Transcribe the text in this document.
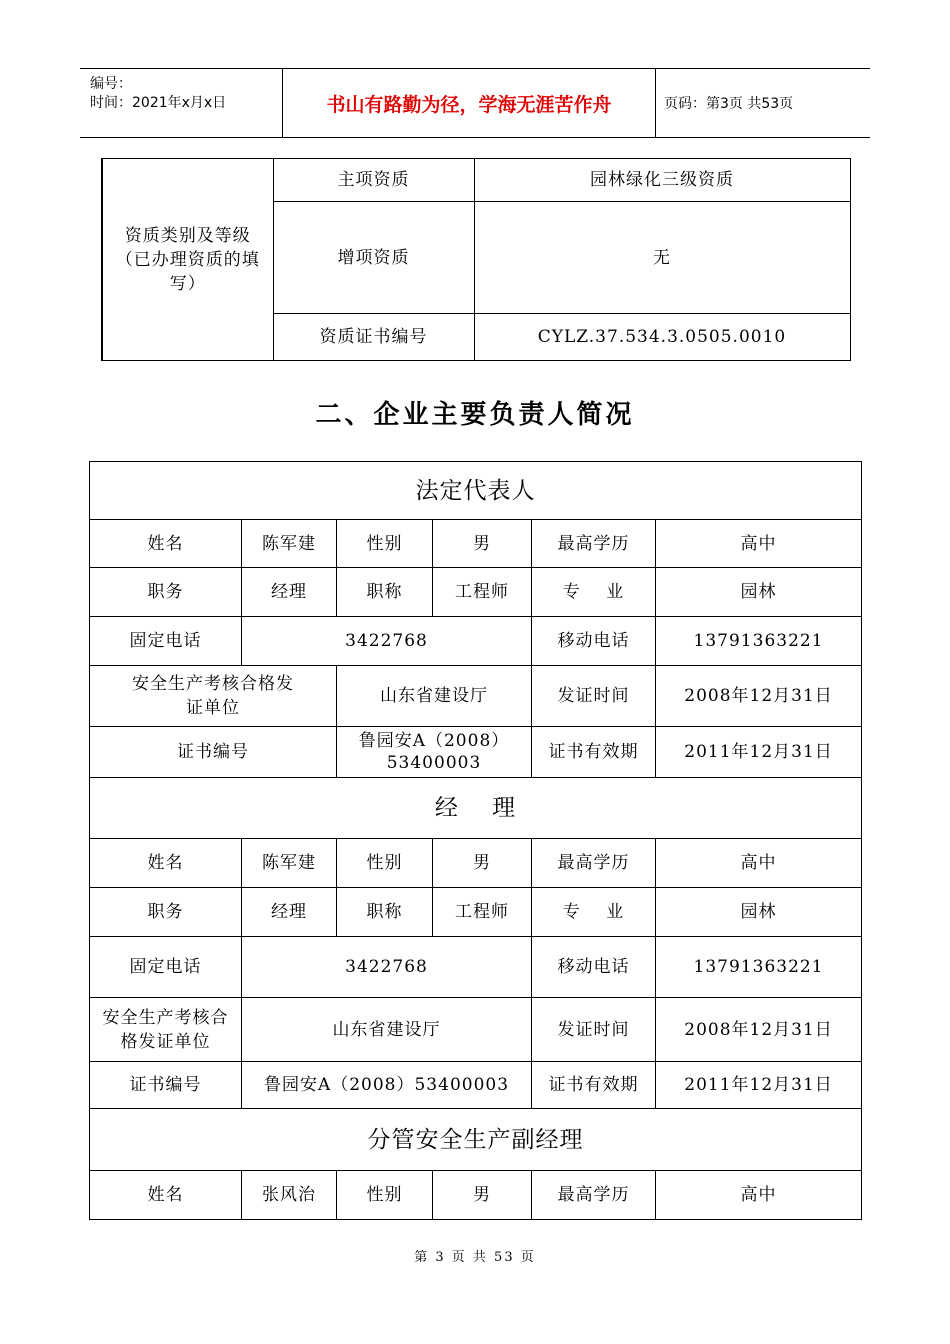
编号：
时间：2021年x月x日	书山有路勤为径，学海无涯苦作舟	页码：第3页 共53页
资质类别及等级（已办理资质的填写）	主项资质	园林绿化三级资质
	增项资质	无
	资质证书编号	CYLZ.37.534.3.0505.0010
二、企业主要负责人简况
法定代表人					
姓名	陈军建	性别	男	最高学历	高中
职务	经理	职称	工程师	专    业	园林
固定电话	3422768			移动电话	13791363221
安全生产考核合格发证单位		山东省建设厅		发证时间	2008年12月31日
证书编号		鲁园安A（2008）53400003		证书有效期	2011年12月31日
经    理					
姓名	陈军建	性别	男	最高学历	高中
职务	经理	职称	工程师	专    业	园林
固定电话	3422768			移动电话	13791363221
安全生产考核合格发证单位	山东省建设厅			发证时间	2008年12月31日
证书编号	鲁园安A（2008）53400003			证书有效期	2011年12月31日
分管安全生产副经理					
姓名	张风治	性别	男	最高学历	高中
第 3 页 共 53 页
